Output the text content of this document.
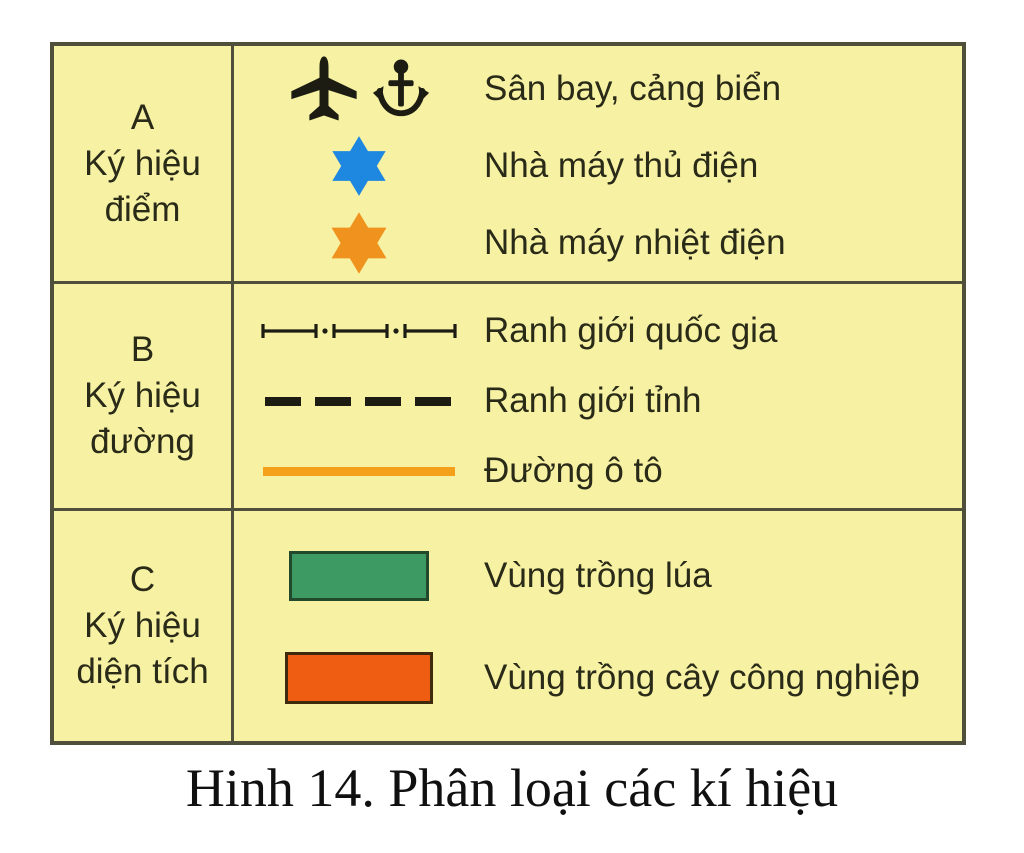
A
Ký hiệu
điểm
Sân bay, cảng biển
Nhà máy thủ điện
Nhà máy nhiệt điện
B
Ký hiệu
đường
Ranh giới quốc gia
Ranh giới tỉnh
Đường ô tô
C
Ký hiệu
diện tích
Vùng trồng lúa
Vùng trồng cây công nghiệp
Hinh 14. Phân loại các kí hiệu
